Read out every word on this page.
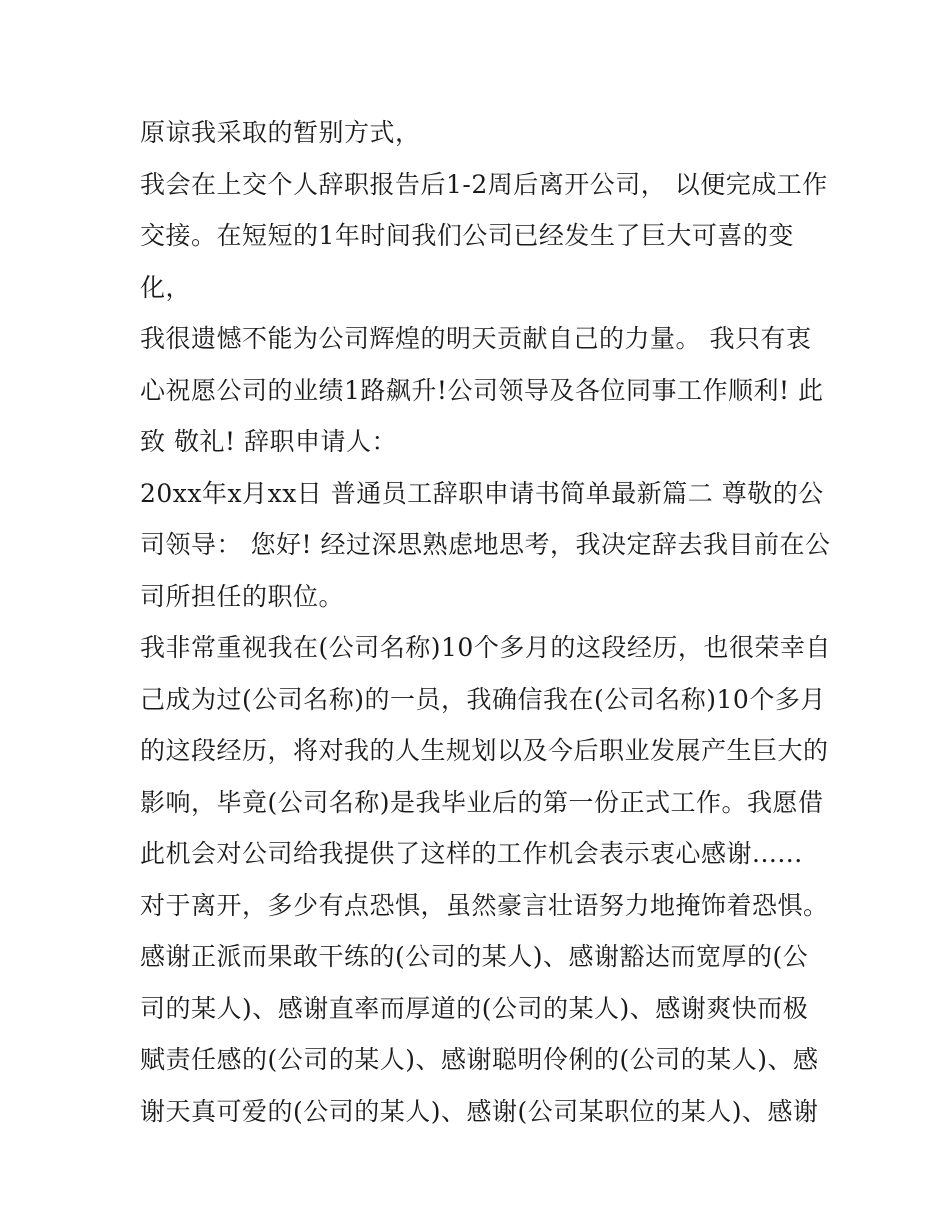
原谅我采取的暂别方式，
我会在上交个人辞职报告后1-2周后离开公司， 以便完成工作
交接。在短短的1年时间我们公司已经发生了巨大可喜的变
化，
我很遗憾不能为公司辉煌的明天贡献自己的力量。 我只有衷
心祝愿公司的业绩1路飙升!公司领导及各位同事工作顺利! 此
致 敬礼! 辞职申请人：
20xx年x月xx日 普通员工辞职申请书简单最新篇二 尊敬的公
司领导： 您好! 经过深思熟虑地思考，我决定辞去我目前在公
司所担任的职位。
我非常重视我在(公司名称)10个多月的这段经历，也很荣幸自
己成为过(公司名称)的一员，我确信我在(公司名称)10个多月
的这段经历，将对我的人生规划以及今后职业发展产生巨大的
影响，毕竟(公司名称)是我毕业后的第一份正式工作。我愿借
此机会对公司给我提供了这样的工作机会表示衷心感谢......
对于离开，多少有点恐惧，虽然豪言壮语努力地掩饰着恐惧。
感谢正派而果敢干练的(公司的某人)、感谢豁达而宽厚的(公
司的某人)、感谢直率而厚道的(公司的某人)、感谢爽快而极
赋责任感的(公司的某人)、感谢聪明伶俐的(公司的某人)、感
谢天真可爱的(公司的某人)、感谢(公司某职位的某人)、感谢
